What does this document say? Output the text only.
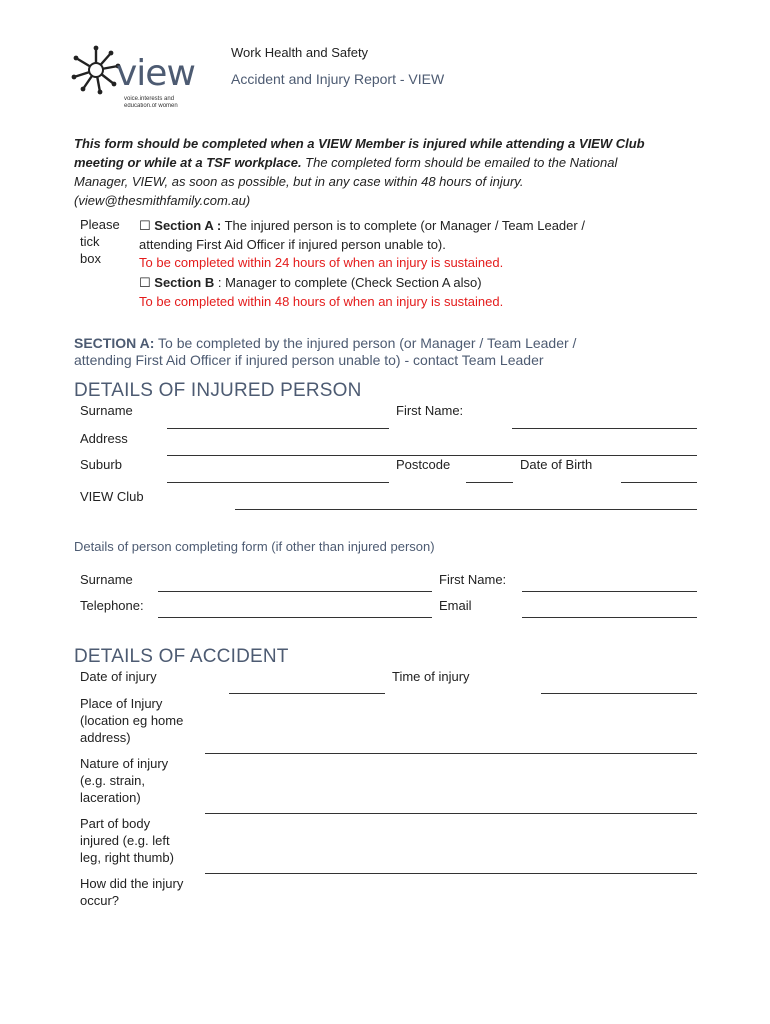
view
voice.interests and
education.of women
Work Health and Safety
Accident and Injury Report - VIEW
This form should be completed when a VIEW Member is injured while attending a VIEW Club meeting or while at a TSF workplace. The completed form should be emailed to the National Manager, VIEW, as soon as possible, but in any case within 48 hours of injury. (view@thesmithfamily.com.au)
Please
tick
box
☐ Section A : The injured person is to complete (or Manager / Team Leader /
attending First Aid Officer if injured person unable to).
To be completed within 24 hours of when an injury is sustained.
☐ Section B : Manager to complete (Check Section A also)
To be completed within 48 hours of when an injury is sustained.
SECTION A: To be completed by the injured person (or Manager / Team Leader /
attending First Aid Officer if injured person unable to) - contact Team Leader
DETAILS OF INJURED PERSON
Surname	First Name:
Address
Suburb	Postcode	Date of Birth
VIEW Club
Details of person completing form (if other than injured person)
Surname	First Name:
Telephone:	Email
DETAILS OF ACCIDENT
Date of injury	Time of injury
Place of Injury
(location eg home
address)
Nature of injury
(e.g. strain,
laceration)
Part of body
injured (e.g. left
leg, right thumb)
How did the injury
occur?
